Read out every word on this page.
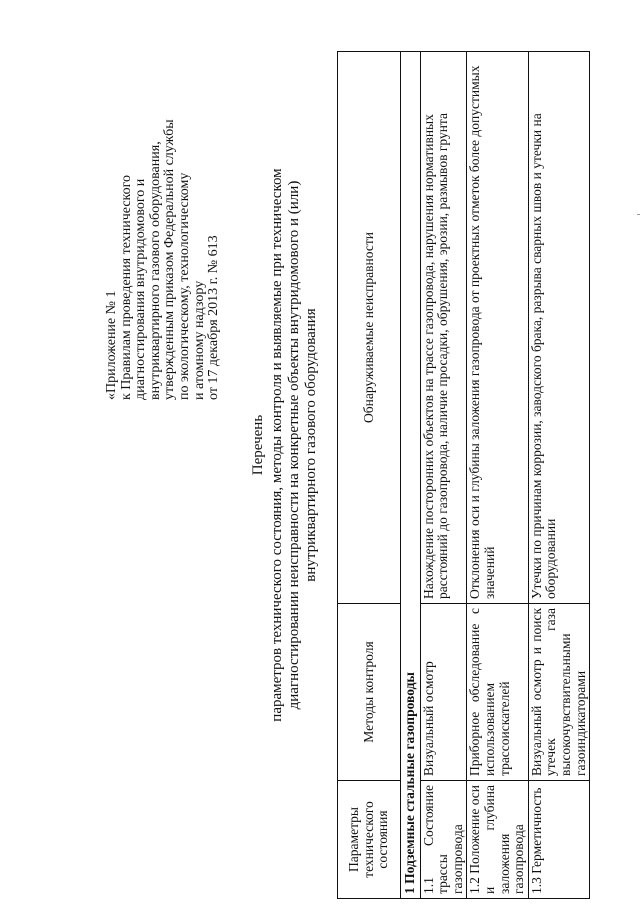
«Приложение № 1
к Правилам проведения технического
диагностирования внутридомового и
внутриквартирного газового оборудования,
утвержденным приказом Федеральной службы
по экологическому, технологическому
и атомному надзору
от 17 декабря 2013 г. № 613
Перечень параметров технического состояния, методы контроля и выявляемые при техническом диагностировании неисправности на конкретные объекты внутридомового и (или) внутриквартирного газового оборудования
Параметры технического состояния	Методы контроля	Обнаруживаемые неисправности
1 Подземные стальные газопроводы		
1.1 Состояние трассы газопровода	Визуальный осмотр	Нахождение посторонних объектов на трассе газопровода, нарушения нормативных расстояний до газопровода, наличие просадки, обрушения, эрозии, размывов грунта
1.2 Положение оси и глубина заложения газопровода	Приборное обследование с использованием трассоискателей	Отклонения оси и глубины заложения газопровода от проектных отметок более допустимых значений
1.3 Герметичность	Визуальный осмотр и поиск утечек газа высокочувствительными газоиндикаторами	Утечки по причинам коррозии, заводского брака, разрыва сварных швов и утечки на оборудовании
